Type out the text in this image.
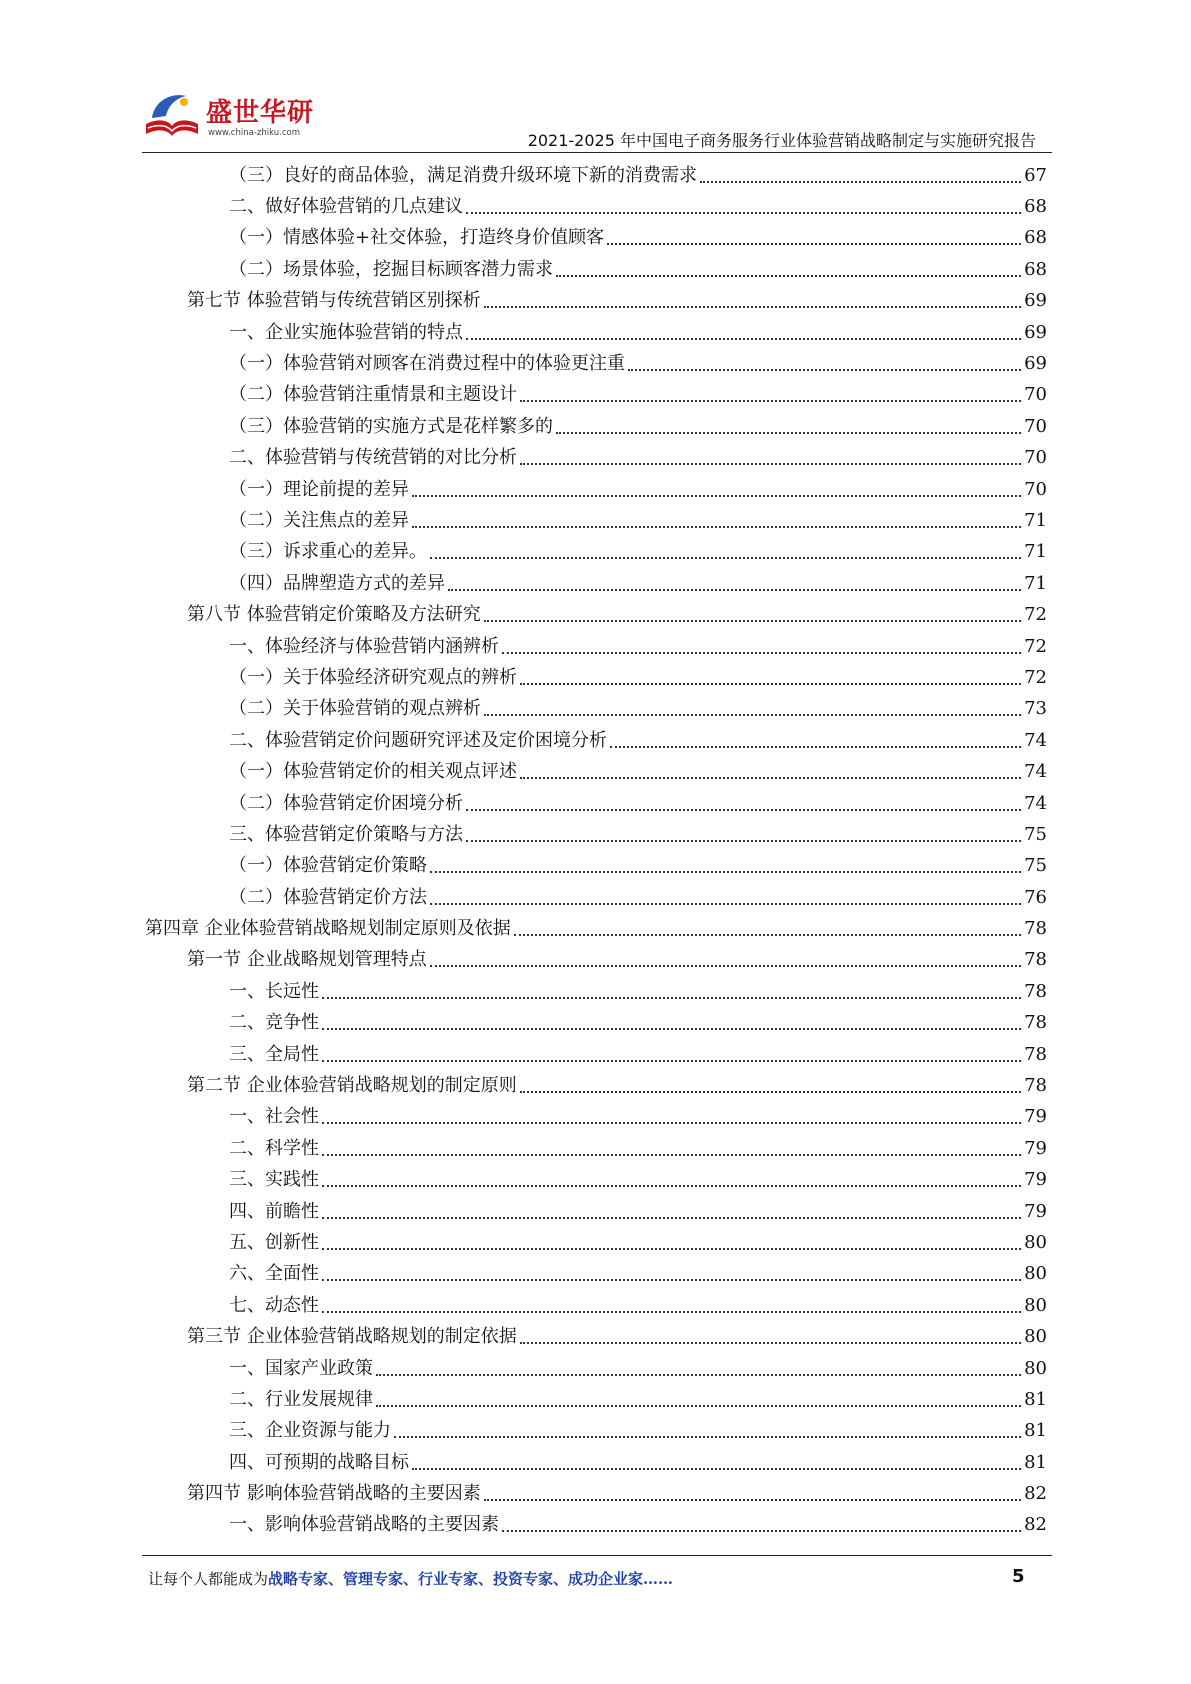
盛世华研
www.china-zhiku.com	2021-2025 年中国电子商务服务行业体验营销战略制定与实施研究报告
（三）良好的商品体验，满足消费升级环境下新的消费需求	67
二、做好体验营销的几点建议	68
（一）情感体验+社交体验，打造终身价值顾客	68
（二）场景体验，挖掘目标顾客潜力需求	68
第七节 体验营销与传统营销区别探析	69
一、企业实施体验营销的特点	69
（一）体验营销对顾客在消费过程中的体验更注重	69
（二）体验营销注重情景和主题设计	70
（三）体验营销的实施方式是花样繁多的	70
二、体验营销与传统营销的对比分析	70
（一）理论前提的差异	70
（二）关注焦点的差异	71
（三）诉求重心的差异。	71
（四）品牌塑造方式的差异	71
第八节 体验营销定价策略及方法研究	72
一、体验经济与体验营销内涵辨析	72
（一）关于体验经济研究观点的辨析	72
（二）关于体验营销的观点辨析	73
二、体验营销定价问题研究评述及定价困境分析	74
（一）体验营销定价的相关观点评述	74
（二）体验营销定价困境分析	74
三、体验营销定价策略与方法	75
（一）体验营销定价策略	75
（二）体验营销定价方法	76
第四章 企业体验营销战略规划制定原则及依据	78
第一节 企业战略规划管理特点	78
一、长远性	78
二、竞争性	78
三、全局性	78
第二节 企业体验营销战略规划的制定原则	78
一、社会性	79
二、科学性	79
三、实践性	79
四、前瞻性	79
五、创新性	80
六、全面性	80
七、动态性	80
第三节 企业体验营销战略规划的制定依据	80
一、国家产业政策	80
二、行业发展规律	81
三、企业资源与能力	81
四、可预期的战略目标	81
第四节 影响体验营销战略的主要因素	82
一、影响体验营销战略的主要因素	82
让每个人都能成为战略专家、管理专家、行业专家、投资专家、成功企业家……	5
